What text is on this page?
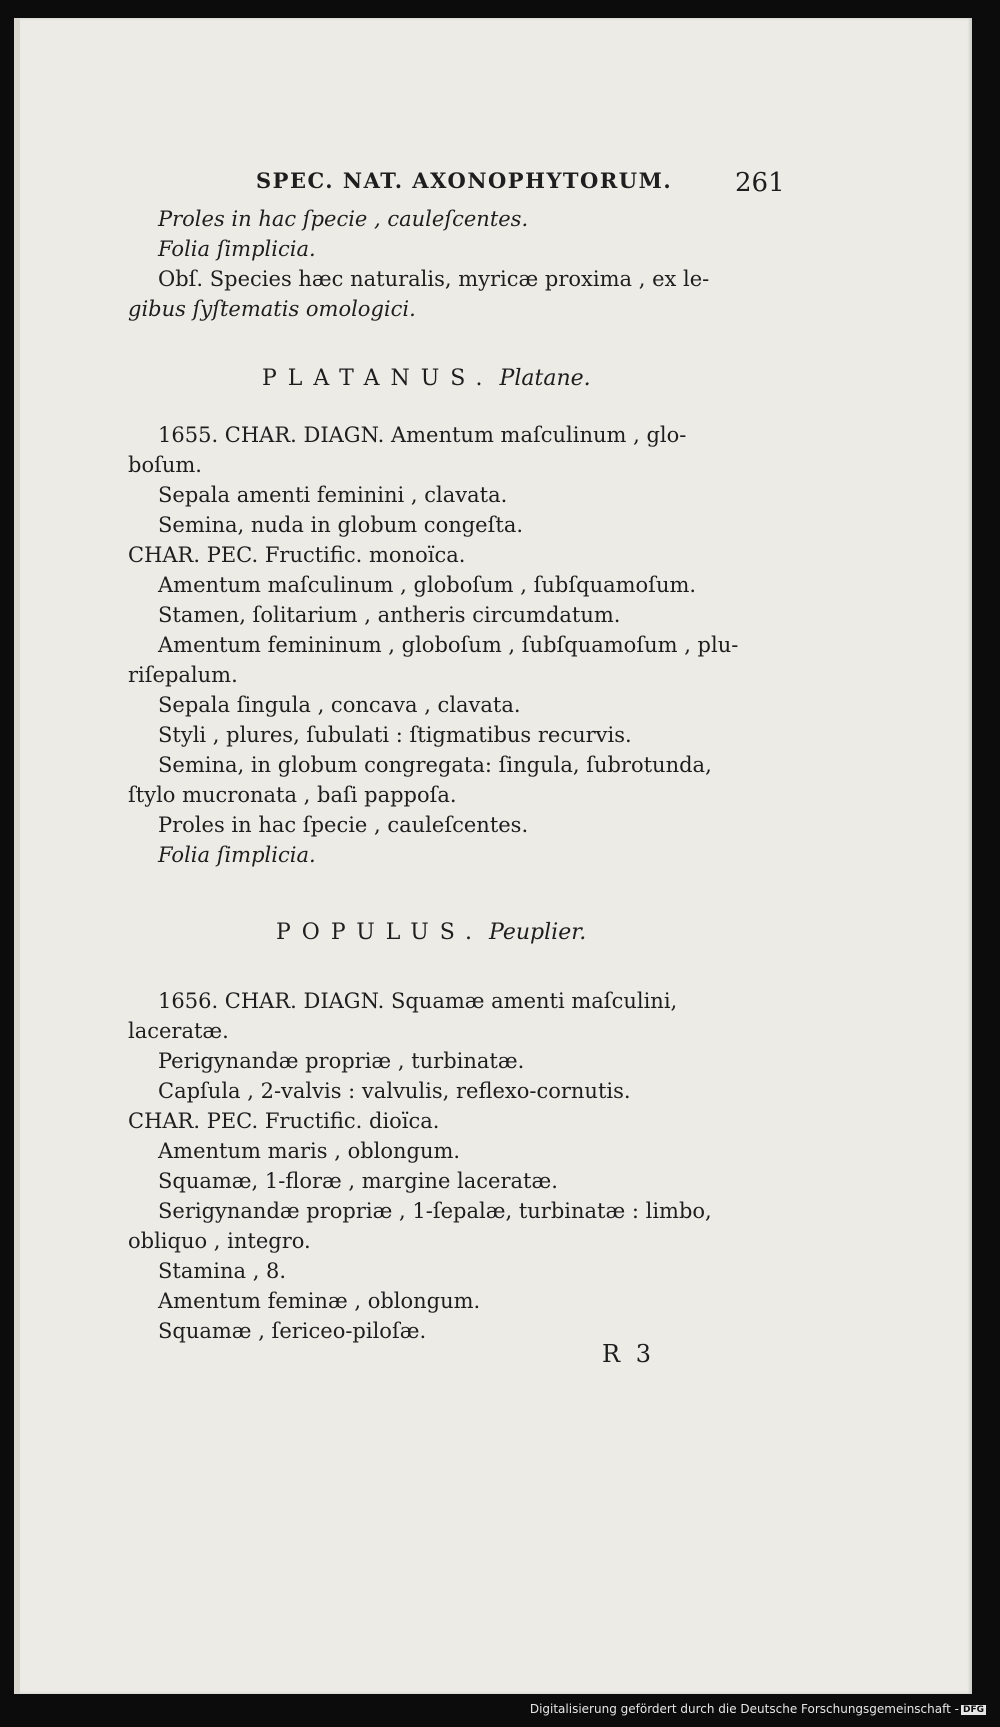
SPEC. NAT. AXONOPHYTORUM. 261
Proles in hac ſpecie , cauleſcentes.
Folia ſimplicia.
Obſ. Species hæc naturalis, myricæ proxima , ex le-
gibus ſyſtematis omologici.
PLATANUS. Platane.
1655. CHAR. DIAGN. Amentum maſculinum , glo-
boſum.
Sepala amenti feminini , clavata.
Semina, nuda in globum congeſta.
CHAR. PEC. Fructific. monoïca.
Amentum maſculinum , globoſum , ſubſquamoſum.
Stamen, ſolitarium , antheris circumdatum.
Amentum femininum , globoſum , ſubſquamoſum , plu-
riſepalum.
Sepala ſingula , concava , clavata.
Styli , plures, ſubulati : ſtigmatibus recurvis.
Semina, in globum congregata: ſingula, ſubrotunda,
ſtylo mucronata , baſi pappoſa.
Proles in hac ſpecie , cauleſcentes.
Folia ſimplicia.
POPULUS. Peuplier.
1656. CHAR. DIAGN. Squamæ amenti maſculini,
laceratæ.
Perigynandæ propriæ , turbinatæ.
Capſula , 2-valvis : valvulis, reflexo-cornutis.
CHAR. PEC. Fructific. dioïca.
Amentum maris , oblongum.
Squamæ, 1-floræ , margine laceratæ.
Serigynandæ propriæ , 1-ſepalæ, turbinatæ : limbo,
obliquo , integro.
Stamina , 8.
Amentum feminæ , oblongum.
Squamæ , ſericeo-piloſæ.
R 3
Digitalisierung gefördert durch die Deutsche Forschungsgemeinschaft - DFG
